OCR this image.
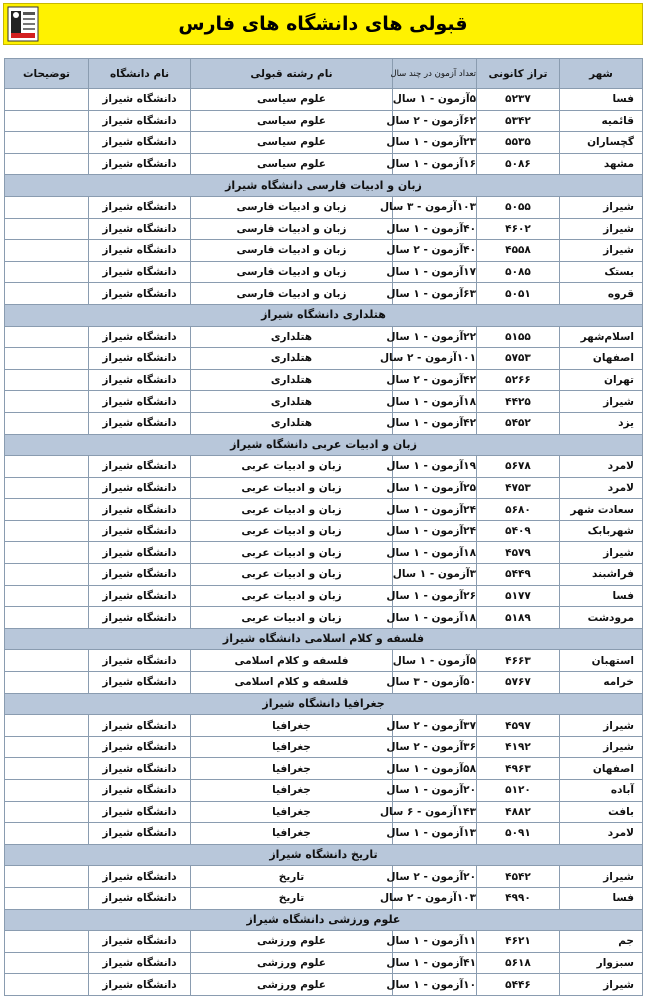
قبولی های دانشگاه های فارس
شهر	تراز کانونی	تعداد آزمون در چند سال	نام رشته قبولی	نام دانشگاه	توضیحات
فسا	۵۲۳۷	۵آزمون - ۱ سال	علوم سیاسی	دانشگاه شیراز	
قائمیه	۵۳۴۲	۶۲آزمون - ۲ سال	علوم سیاسی	دانشگاه شیراز	
گچساران	۵۵۳۵	۲۳آزمون - ۱ سال	علوم سیاسی	دانشگاه شیراز	
مشهد	۵۰۸۶	۱۶آزمون - ۱ سال	علوم سیاسی	دانشگاه شیراز	
زبان و ادبیات فارسی دانشگاه شیراز					
شیراز	۵۰۵۵	۱۰۳آزمون - ۳ سال	زبان و ادبیات فارسی	دانشگاه شیراز	
شیراز	۴۶۰۲	۴۰آزمون - ۱ سال	زبان و ادبیات فارسی	دانشگاه شیراز	
شیراز	۴۵۵۸	۴۰آزمون - ۲ سال	زبان و ادبیات فارسی	دانشگاه شیراز	
بستک	۵۰۸۵	۱۷آزمون - ۱ سال	زبان و ادبیات فارسی	دانشگاه شیراز	
قروه	۵۰۵۱	۶۳آزمون - ۱ سال	زبان و ادبیات فارسی	دانشگاه شیراز	
هتلداری دانشگاه شیراز					
اسلام‌شهر	۵۱۵۵	۲۲آزمون - ۱ سال	هتلداری	دانشگاه شیراز	
اصفهان	۵۷۵۳	۱۰۱آزمون - ۲ سال	هتلداری	دانشگاه شیراز	
تهران	۵۲۶۶	۴۲آزمون - ۲ سال	هتلداری	دانشگاه شیراز	
شیراز	۴۴۲۵	۱۸آزمون - ۱ سال	هتلداری	دانشگاه شیراز	
یزد	۵۴۵۲	۴۲آزمون - ۱ سال	هتلداری	دانشگاه شیراز	
زبان و ادبیات عربی دانشگاه شیراز					
لامرد	۵۶۷۸	۱۹آزمون - ۱ سال	زبان و ادبیات عربی	دانشگاه شیراز	
لامرد	۴۷۵۳	۲۵آزمون - ۱ سال	زبان و ادبیات عربی	دانشگاه شیراز	
سعادت شهر	۵۶۸۰	۲۴آزمون - ۱ سال	زبان و ادبیات عربی	دانشگاه شیراز	
شهربابک	۵۴۰۹	۲۴آزمون - ۱ سال	زبان و ادبیات عربی	دانشگاه شیراز	
شیراز	۴۵۷۹	۱۸آزمون - ۱ سال	زبان و ادبیات عربی	دانشگاه شیراز	
فراشبند	۵۴۴۹	۳آزمون - ۱ سال	زبان و ادبیات عربی	دانشگاه شیراز	
فسا	۵۱۷۷	۲۶آزمون - ۱ سال	زبان و ادبیات عربی	دانشگاه شیراز	
مرودشت	۵۱۸۹	۱۸آزمون - ۱ سال	زبان و ادبیات عربی	دانشگاه شیراز	
فلسفه و کلام اسلامی دانشگاه شیراز					
استهبان	۴۶۶۳	۵آزمون - ۱ سال	فلسفه و کلام اسلامی	دانشگاه شیراز	
خرامه	۵۷۶۷	۵۰آزمون - ۳ سال	فلسفه و کلام اسلامی	دانشگاه شیراز	
جغرافیا دانشگاه شیراز					
شیراز	۴۵۹۷	۳۷آزمون - ۲ سال	جغرافیا	دانشگاه شیراز	
شیراز	۴۱۹۲	۳۶آزمون - ۲ سال	جغرافیا	دانشگاه شیراز	
اصفهان	۴۹۶۳	۵۸آزمون - ۱ سال	جغرافیا	دانشگاه شیراز	
آباده	۵۱۲۰	۲۰آزمون - ۱ سال	جغرافیا	دانشگاه شیراز	
بافت	۴۸۸۲	۱۴۳آزمون - ۶ سال	جغرافیا	دانشگاه شیراز	
لامرد	۵۰۹۱	۱۳آزمون - ۱ سال	جغرافیا	دانشگاه شیراز	
تاریخ دانشگاه شیراز					
شیراز	۴۵۴۲	۲۰آزمون - ۲ سال	تاریخ	دانشگاه شیراز	
فسا	۴۹۹۰	۱۰۳آزمون - ۲ سال	تاریخ	دانشگاه شیراز	
علوم ورزشی دانشگاه شیراز					
جم	۴۶۲۱	۱۱آزمون - ۱ سال	علوم ورزشی	دانشگاه شیراز	
سبزوار	۵۶۱۸	۴۱آزمون - ۱ سال	علوم ورزشی	دانشگاه شیراز	
شیراز	۵۴۴۶	۱۰آزمون - ۱ سال	علوم ورزشی	دانشگاه شیراز	
